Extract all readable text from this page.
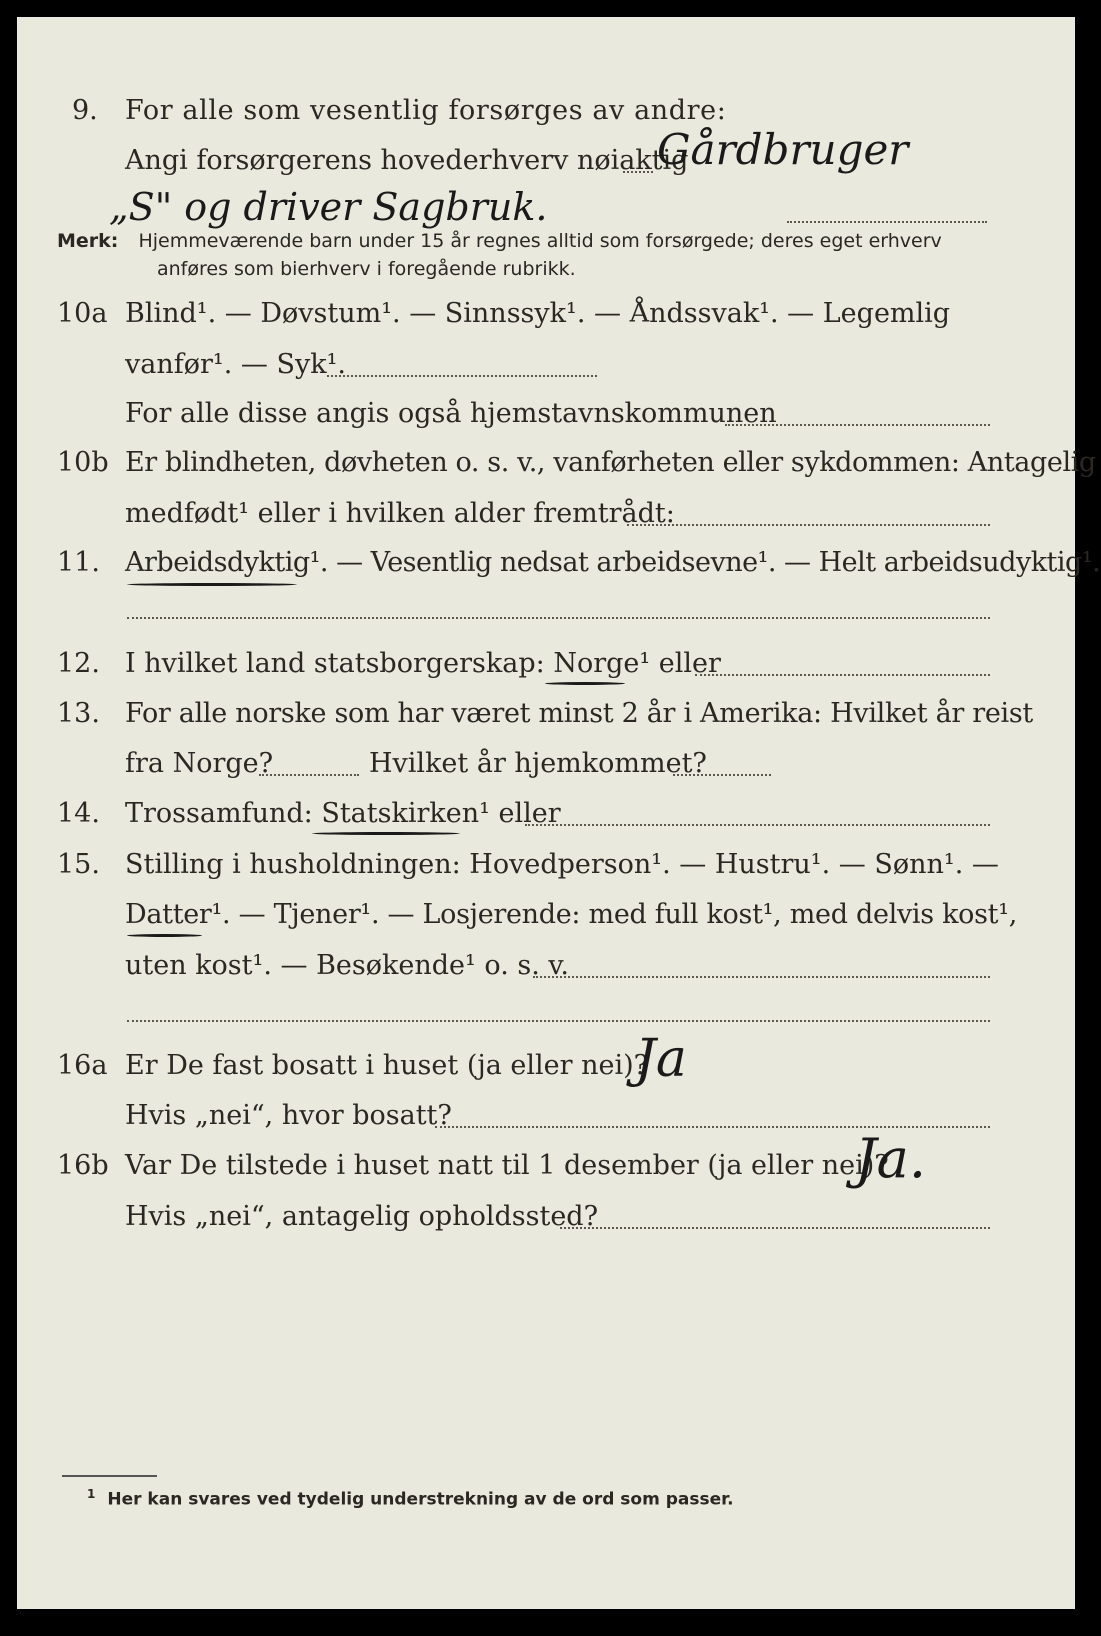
9. For alle som vesentlig forsørges av andre:
Angi forsørgerens hovederhverv nøiaktig
Gårdbruger
„S" og driver Sagbruk.
Merk: Hjemmeværende barn under 15 år regnes alltid som forsørgede; deres eget erhverv
anføres som bierhverv i foregående rubrikk.
10a Blind¹. — Døvstum¹. — Sinnssyk¹. — Åndssvak¹. — Legemlig
vanfør¹. — Syk¹.
For alle disse angis også hjemstavnskommunen
10b Er blindheten, døvheten o. s. v., vanførheten eller sykdommen: Antagelig
medfødt¹ eller i hvilken alder fremtrådt:
11. Arbeidsdyktig¹. — Vesentlig nedsat arbeidsevne¹. — Helt arbeidsudyktig¹.
12. I hvilket land statsborgerskap: Norge¹ eller
13. For alle norske som har været minst 2 år i Amerika: Hvilket år reist
fra Norge?	Hvilket år hjemkommet?
14. Trossamfund: Statskirken¹ eller
15. Stilling i husholdningen: Hovedperson¹. — Hustru¹. — Sønn¹. —
Datter¹. — Tjener¹. — Losjerende: med full kost¹, med delvis kost¹,
uten kost¹. — Besøkende¹ o. s. v.
16a Er De fast bosatt i huset (ja eller nei)?
Ja
Hvis „nei“, hvor bosatt?
16b Var De tilstede i huset natt til 1 desember (ja eller nei)?
Ja.
Hvis „nei“, antagelig opholdssted?
$^1$ Her kan svares ved tydelig understrekning av de ord som passer.
